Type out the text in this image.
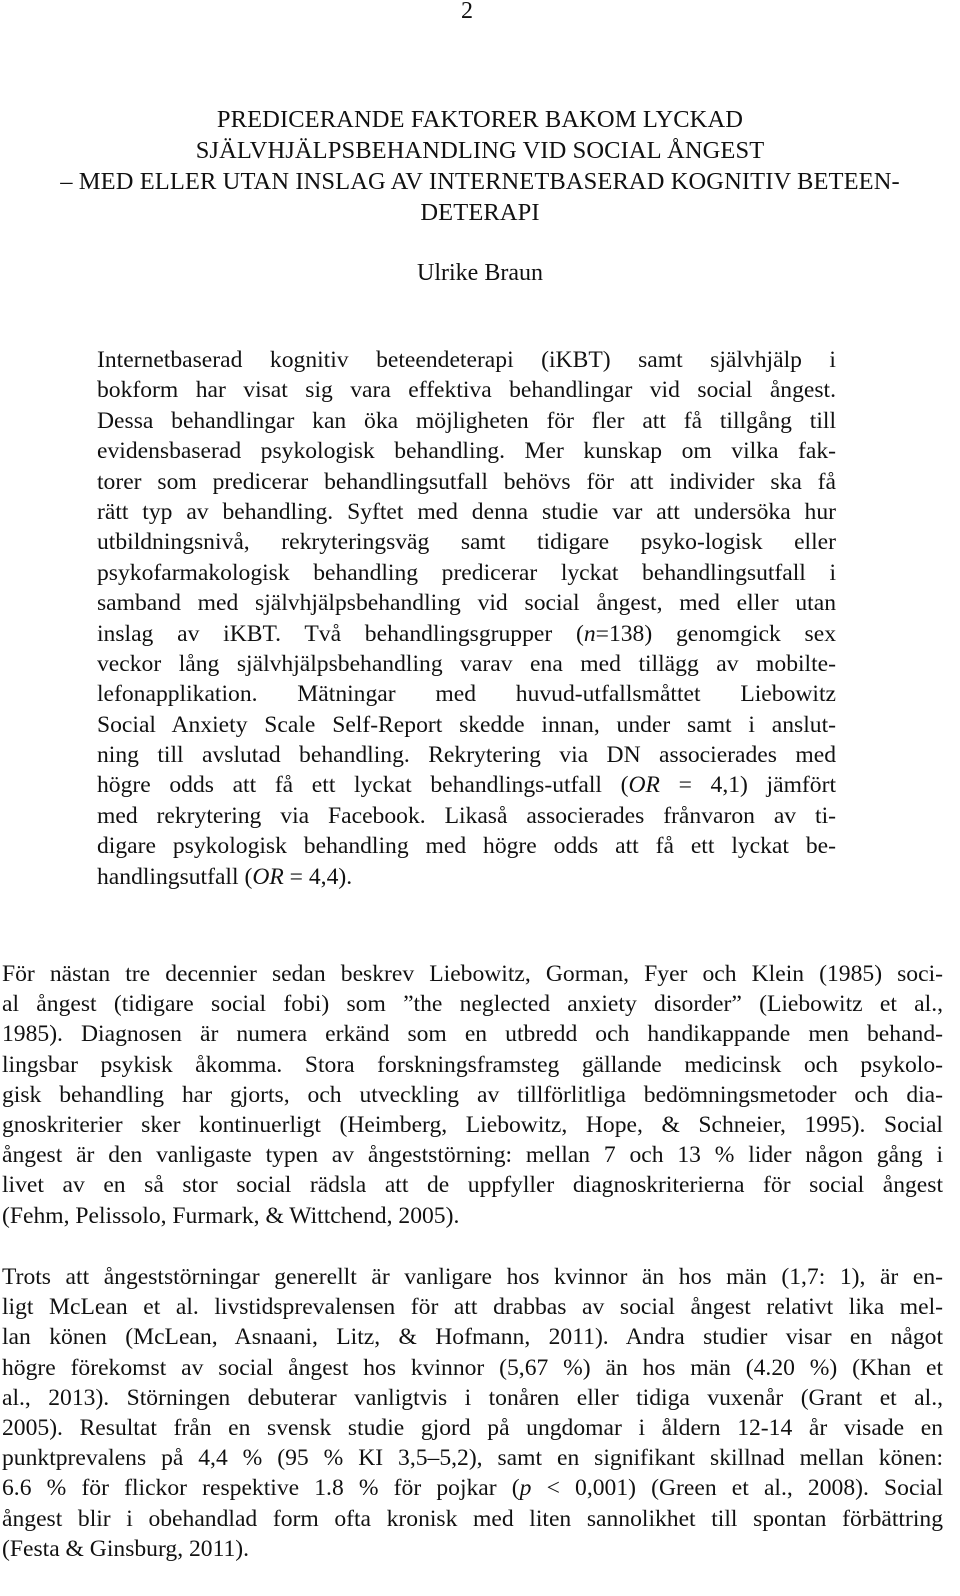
2
PREDICERANDE FAKTORER BAKOM LYCKAD
SJÄLVHJÄLPSBEHANDLING VID SOCIAL ÅNGEST
– MED ELLER UTAN INSLAG AV INTERNETBASERAD KOGNITIV BETEEN-
DETERAPI
Ulrike Braun
Internetbaserad kognitiv beteendeterapi (iKBT) samt självhjälp i
bokform har visat sig vara effektiva behandlingar vid social ångest.
Dessa behandlingar kan öka möjligheten för fler att få tillgång till
evidensbaserad psykologisk behandling. Mer kunskap om vilka fak-
torer som predicerar behandlingsutfall behövs för att individer ska få
rätt typ av behandling. Syftet med denna studie var att undersöka hur
utbildningsnivå, rekryteringsväg samt tidigare psyko-logisk eller
psykofarmakologisk behandling predicerar lyckat behandlingsutfall i
samband med självhjälpsbehandling vid social ångest, med eller utan
inslag av iKBT. Två behandlingsgrupper (n=138) genomgick sex
veckor lång självhjälpsbehandling varav ena med tillägg av mobilte-
lefonapplikation. Mätningar med huvud-utfallsmåttet Liebowitz
Social Anxiety Scale Self-Report skedde innan, under samt i anslut-
ning till avslutad behandling. Rekrytering via DN associerades med
högre odds att få ett lyckat behandlings-utfall (OR = 4,1) jämfört
med rekrytering via Facebook. Likaså associerades frånvaron av ti-
digare psykologisk behandling med högre odds att få ett lyckat be-
handlingsutfall (OR = 4,4).
För nästan tre decennier sedan beskrev Liebowitz, Gorman, Fyer och Klein (1985) soci-
al ångest (tidigare social fobi) som ”the neglected anxiety disorder” (Liebowitz et al.,
1985). Diagnosen är numera erkänd som en utbredd och handikappande men behand-
lingsbar psykisk åkomma. Stora forskningsframsteg gällande medicinsk och psykolo-
gisk behandling har gjorts, och utveckling av tillförlitliga bedömningsmetoder och dia-
gnoskriterier sker kontinuerligt (Heimberg, Liebowitz, Hope, & Schneier, 1995). Social
ångest är den vanligaste typen av ångeststörning: mellan 7 och 13 % lider någon gång i
livet av en så stor social rädsla att de uppfyller diagnoskriterierna för social ångest
(Fehm, Pelissolo, Furmark, & Wittchend, 2005).
Trots att ångeststörningar generellt är vanligare hos kvinnor än hos män (1,7: 1), är en-
ligt McLean et al. livstidsprevalensen för att drabbas av social ångest relativt lika mel-
lan könen (McLean, Asnaani, Litz, & Hofmann, 2011). Andra studier visar en något
högre förekomst av social ångest hos kvinnor (5,67 %) än hos män (4.20 %) (Khan et
al., 2013). Störningen debuterar vanligtvis i tonåren eller tidiga vuxenår (Grant et al.,
2005). Resultat från en svensk studie gjord på ungdomar i åldern 12-14 år visade en
punktprevalens på 4,4 % (95 % KI 3,5–5,2), samt en signifikant skillnad mellan könen:
6.6 % för flickor respektive 1.8 % för pojkar (p < 0,001) (Green et al., 2008). Social
ångest blir i obehandlad form ofta kronisk med liten sannolikhet till spontan förbättring
(Festa & Ginsburg, 2011).
